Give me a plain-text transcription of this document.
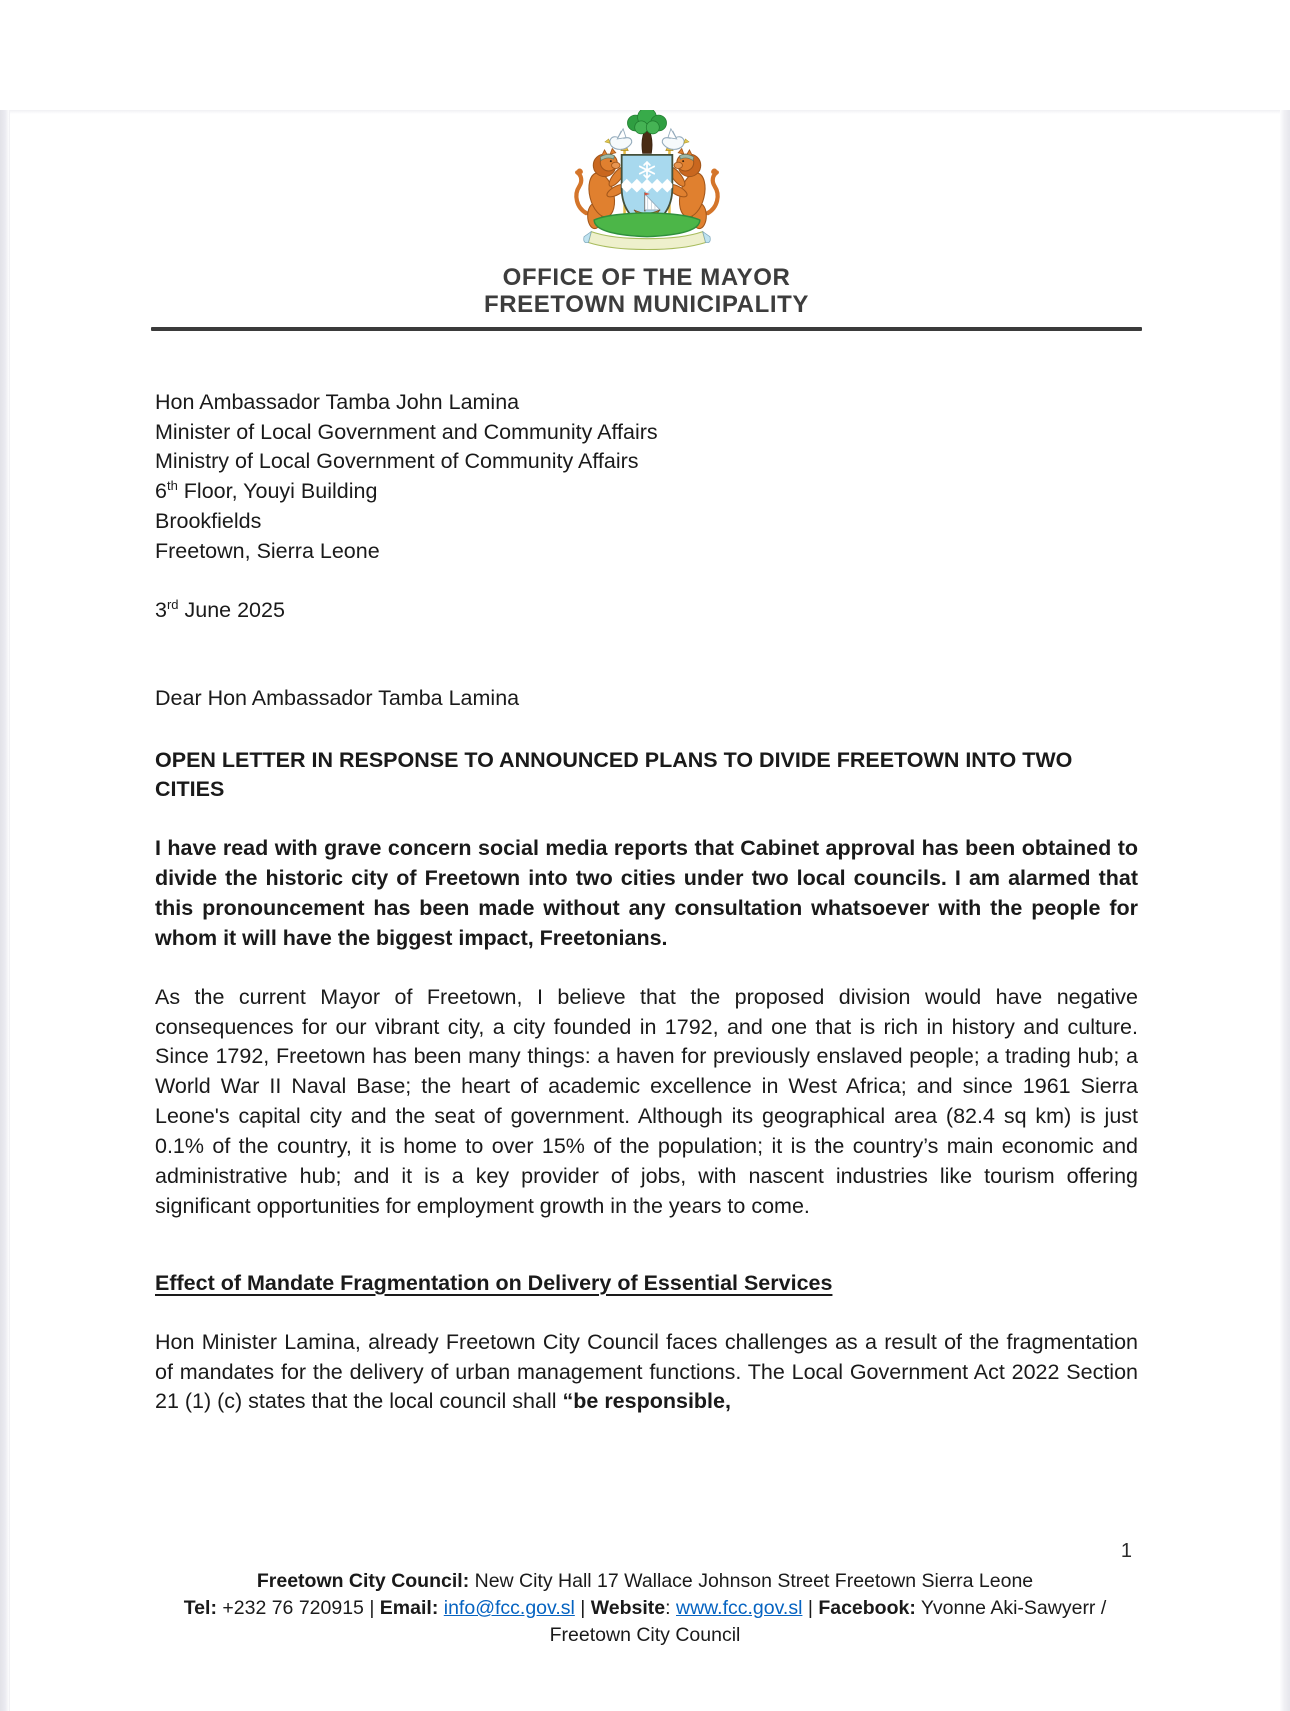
OFFICE OF THE MAYOR
FREETOWN MUNICIPALITY
Hon Ambassador Tamba John Lamina
Minister of Local Government and Community Affairs
Ministry of Local Government of Community Affairs
6th Floor, Youyi Building
Brookfields
Freetown, Sierra Leone
3rd June 2025
Dear Hon Ambassador Tamba Lamina
OPEN LETTER IN RESPONSE TO ANNOUNCED PLANS TO DIVIDE FREETOWN INTO TWO CITIES

I have read with grave concern social media reports that Cabinet approval has been obtained to divide the historic city of Freetown into two cities under two local councils. I am alarmed that this pronouncement has been made without any consultation whatsoever with the people for whom it will have the biggest impact, Freetonians.

As the current Mayor of Freetown, I believe that the proposed division would have negative consequences for our vibrant city, a city founded in 1792, and one that is rich in history and culture. Since 1792, Freetown has been many things: a haven for previously enslaved people; a trading hub; a World War II Naval Base; the heart of academic excellence in West Africa; and since 1961 Sierra Leone's capital city and the seat of government. Although its geographical area (82.4 sq km) is just 0.1% of the country, it is home to over 15% of the population; it is the country’s main economic and administrative hub; and it is a key provider of jobs, with nascent industries like tourism offering significant opportunities for employment growth in the years to come.

Effect of Mandate Fragmentation on Delivery of Essential Services

Hon Minister Lamina, already Freetown City Council faces challenges as a result of the fragmentation of mandates for the delivery of urban management functions. The Local Government Act 2022 Section 21 (1) (c) states that the local council shall “be responsible,

1
Freetown City Council: New City Hall 17 Wallace Johnson Street Freetown Sierra Leone
Tel: +232 76 720915 | Email: info@fcc.gov.sl | Website: www.fcc.gov.sl | Facebook: Yvonne Aki-Sawyerr /
Freetown City Council
